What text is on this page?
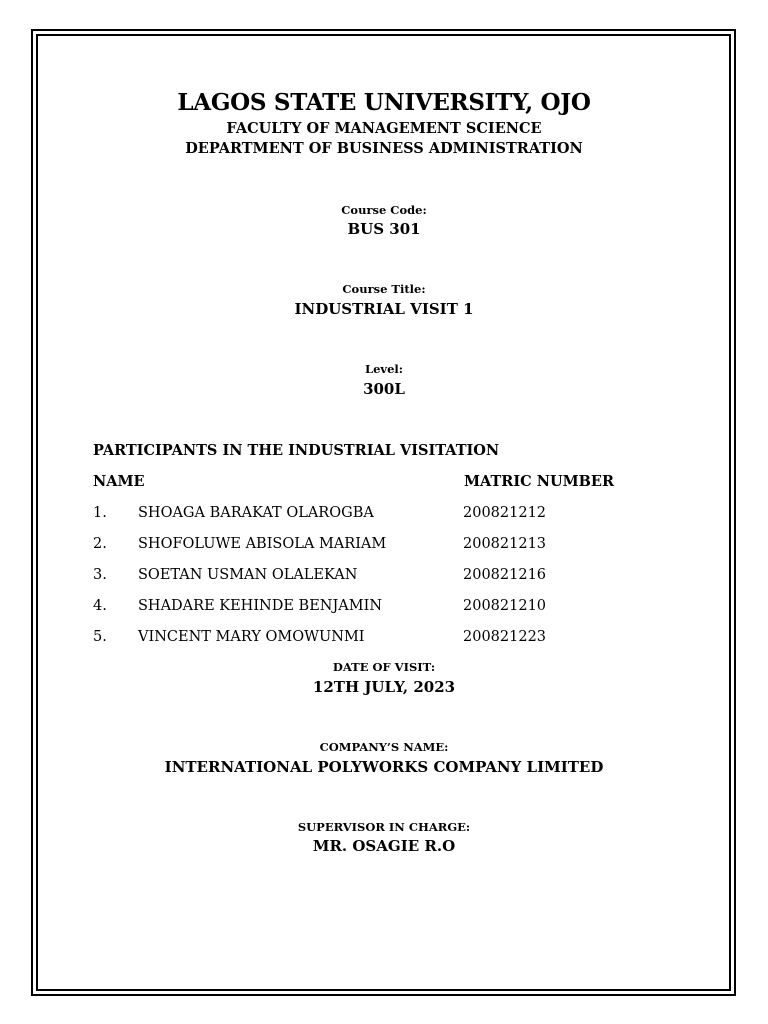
LAGOS STATE UNIVERSITY, OJO
FACULTY OF MANAGEMENT SCIENCE
DEPARTMENT OF BUSINESS ADMINISTRATION
Course Code:
BUS 301
Course Title:
INDUSTRIAL VISIT 1
Level:
300L
PARTICIPANTS IN THE INDUSTRIAL VISITATION
NAME	MATRIC NUMBER
1. SHOAGA BARAKAT OLAROGBA	200821212
2. SHOFOLUWE ABISOLA MARIAM	200821213
3. SOETAN USMAN OLALEKAN	200821216
4. SHADARE KEHINDE BENJAMIN	200821210
5. VINCENT MARY OMOWUNMI	200821223
DATE OF VISIT:
12TH JULY, 2023
COMPANY’S NAME:
INTERNATIONAL POLYWORKS COMPANY LIMITED
SUPERVISOR IN CHARGE:
MR. OSAGIE R.O
